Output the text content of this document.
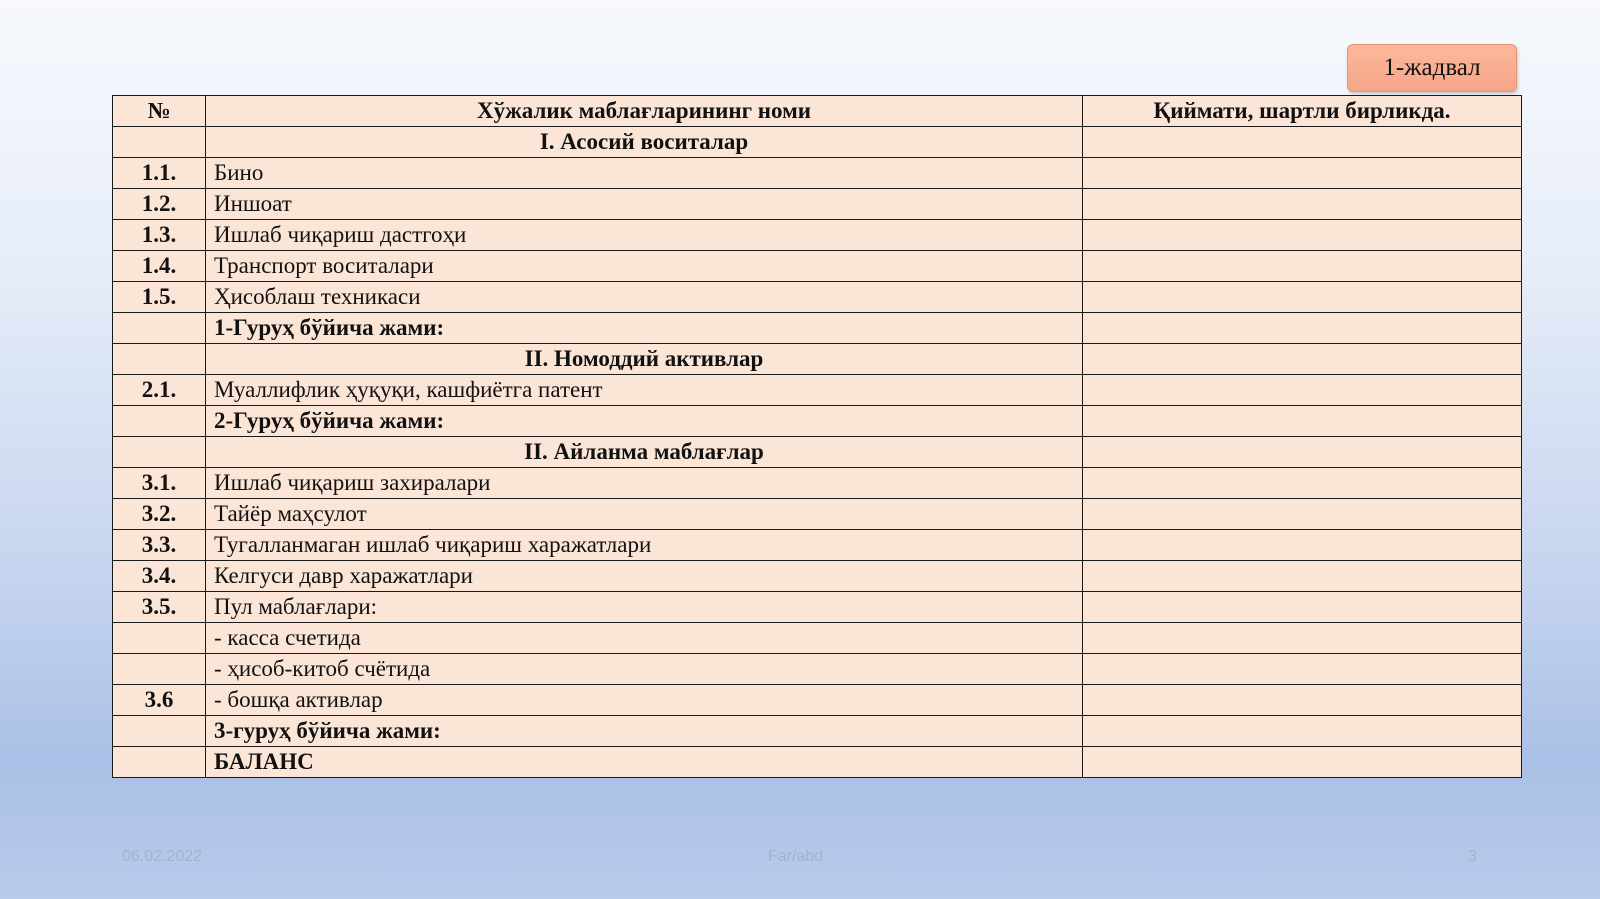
1-жадвал
№	Хўжалик маблағларининг номи	Қиймати, шартли бирликда.
	I. Асосий воситалар	
1.1.	Бино	
1.2.	Иншоат	
1.3.	Ишлаб чиқариш дастгоҳи	
1.4.	Транспорт воситалари	
1.5.	Ҳисоблаш техникаси	
	1-Гуруҳ бўйича жами:	
	II. Номоддий активлар	
2.1.	Муаллифлик ҳуқуқи, кашфиётга патент	
	2-Гуруҳ бўйича жами:	
	II. Айланма маблағлар	
3.1.	Ишлаб чиқариш захиралари	
3.2.	Тайёр маҳсулот	
3.3.	Тугалланмаган ишлаб чиқариш харажатлари	
3.4.	Келгуси давр харажатлари	
3.5.	Пул маблағлари:	
	- касса счетида	
	- ҳисоб-китоб счётида	
3.6	- бошқа активлар	
	3-гуруҳ бўйича жами:	
	БАЛАНС	
06.02.2022	Far/abd	3
